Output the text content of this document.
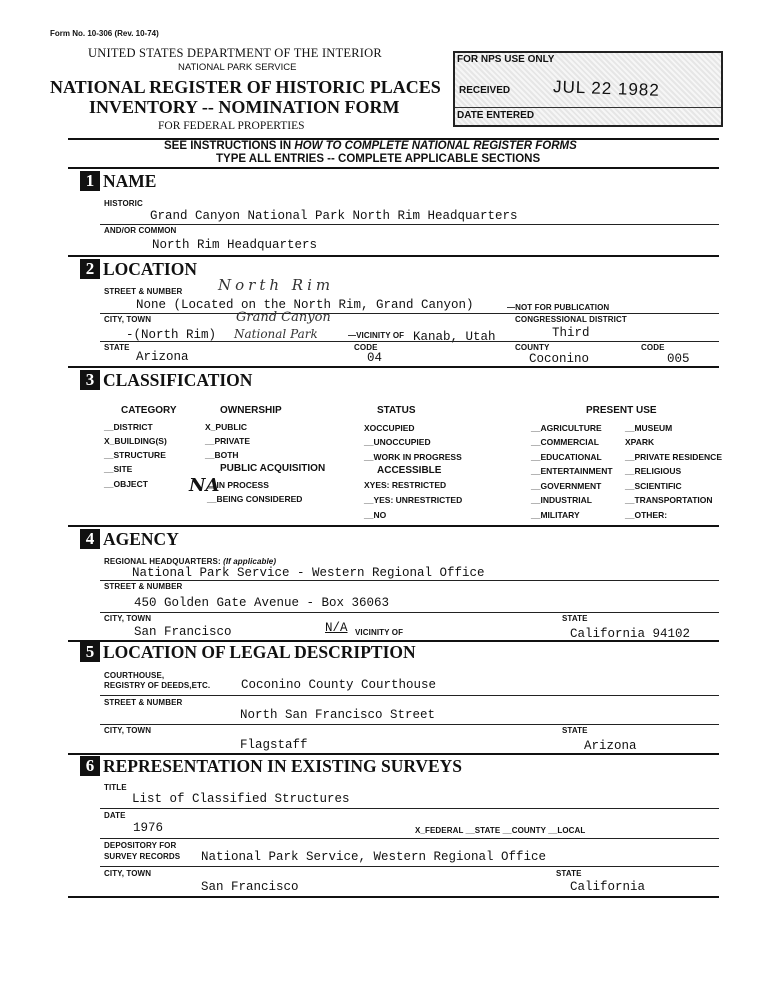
Form No. 10-306 (Rev. 10-74)
UNITED STATES DEPARTMENT OF THE INTERIOR
NATIONAL PARK SERVICE
NATIONAL REGISTER OF HISTORIC PLACES
INVENTORY -- NOMINATION FORM
FOR FEDERAL PROPERTIES
FOR NPS USE ONLY
RECEIVED	JUL 22 1982
DATE ENTERED
SEE INSTRUCTIONS IN HOW TO COMPLETE NATIONAL REGISTER FORMS
TYPE ALL ENTRIES -- COMPLETE APPLICABLE SECTIONS
1 NAME
HISTORIC
Grand Canyon National Park North Rim Headquarters
AND/OR COMMON
North Rim Headquarters
2 LOCATION
STREET & NUMBER North Rim
None (Located on the North Rim, Grand Canyon)	—NOT FOR PUBLICATION
CITY, TOWN	Grand Canyon	CONGRESSIONAL DISTRICT
-(North Rim) National Park	—VICINITY OF Kanab, Utah	Third
STATE	CODE	COUNTY	CODE
Arizona	04	Coconino	005
3 CLASSIFICATION
CATEGORY
__DISTRICT
X_BUILDING(S)
__STRUCTURE
__SITE
__OBJECT
OWNERSHIP
X_PUBLIC
__PRIVATE
__BOTH
PUBLIC ACQUISITION
NA
__IN PROCESS
__BEING CONSIDERED
STATUS
XOCCUPIED
__UNOCCUPIED
__WORK IN PROGRESS
ACCESSIBLE
XYES: RESTRICTED
__YES: UNRESTRICTED
__NO
PRESENT USE
__AGRICULTURE
__COMMERCIAL
__EDUCATIONAL
__ENTERTAINMENT
__GOVERNMENT
__INDUSTRIAL
__MILITARY
__MUSEUM
XPARK
__PRIVATE RESIDENCE
__RELIGIOUS
__SCIENTIFIC
__TRANSPORTATION
__OTHER:
4 AGENCY
REGIONAL HEADQUARTERS: (If applicable)
National Park Service - Western Regional Office
STREET & NUMBER
450 Golden Gate Avenue - Box 36063
CITY, TOWN	STATE
San Francisco	N/A VICINITY OF	California 94102
5 LOCATION OF LEGAL DESCRIPTION
COURTHOUSE,
REGISTRY OF DEEDS,ETC. Coconino County Courthouse
STREET & NUMBER
North San Francisco Street
CITY, TOWN	STATE
Flagstaff	Arizona
6 REPRESENTATION IN EXISTING SURVEYS
TITLE
List of Classified Structures
DATE
1976	X_FEDERAL __STATE __COUNTY __LOCAL
DEPOSITORY FOR
SURVEY RECORDS National Park Service, Western Regional Office
CITY, TOWN	STATE
San Francisco	California
